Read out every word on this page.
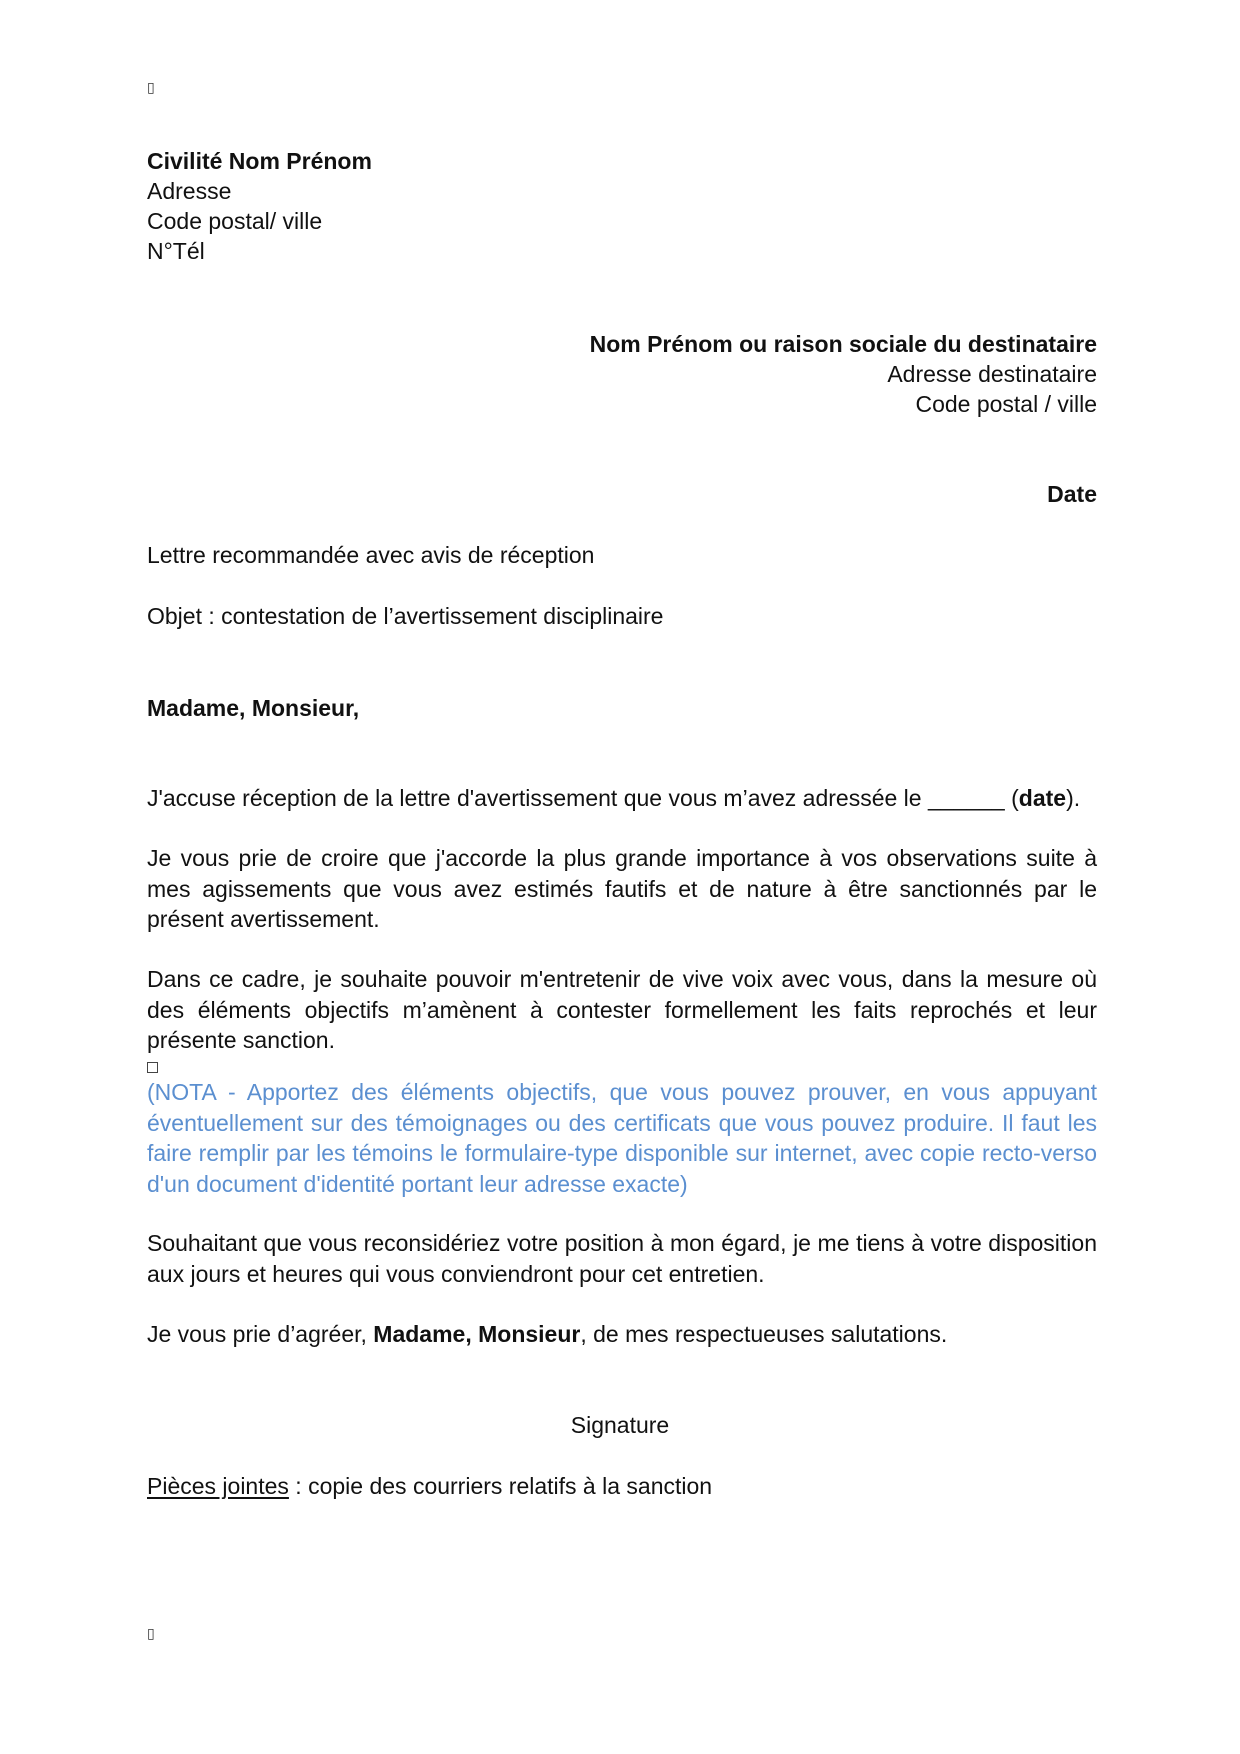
▯
Civilité Nom Prénom
Adresse
Code postal/ ville
N°Tél
Nom Prénom ou raison sociale du destinataire
Adresse destinataire
Code postal / ville
Date
Lettre recommandée avec avis de réception
Objet : contestation de l’avertissement disciplinaire
Madame, Monsieur,
J'accuse réception de la lettre d'avertissement que vous m’avez adressée le ______ (date).
Je vous prie de croire que j'accorde la plus grande importance à vos observations suite à mes agissements que vous avez estimés fautifs et de nature à être sanctionnés par le présent avertissement.
Dans ce cadre, je souhaite pouvoir m'entretenir de vive voix avec vous, dans la mesure où des éléments objectifs m’amènent à contester formellement les faits reprochés et leur présente sanction.
(NOTA - Apportez des éléments objectifs, que vous pouvez prouver, en vous appuyant éventuellement sur des témoignages ou des certificats que vous pouvez produire. Il faut les faire remplir par les témoins le formulaire-type disponible sur internet, avec copie recto-verso d'un document d'identité portant leur adresse exacte)
Souhaitant que vous reconsidériez votre position à mon égard, je me tiens à votre disposition aux jours et heures qui vous conviendront pour cet entretien.
Je vous prie d’agréer, Madame, Monsieur, de mes respectueuses salutations.
Signature
Pièces jointes : copie des courriers relatifs à la sanction
▯
